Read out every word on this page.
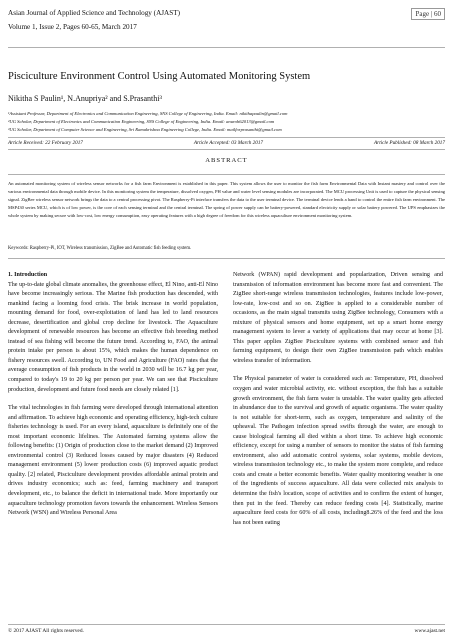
Asian Journal of Applied Science and Technology (AJAST)
Volume 1, Issue 2, Pages 60-65, March 2017
Page | 60
Pisciculture Environment Control Using Automated Monitoring System
Nikitha S Paulin¹, N.Anupriya² and S.Prasanthi³
¹Assistant Professor, Department of Electronics and Communication Engineering, SNS College of Engineering, India. Email: nikithapaulin@gmail.com
²UG Scholar, Department of Electronics and Communication Engineering, SNS College of Engineering, India. Email: anuroh62013@gmail.com
³UG Scholar, Department of Computer Science and Engineering, Sri Ramakrishna Engineering College, India. Email: mailforprasanthi@gmail.com
Article Received: 22 February 2017	Article Accepted: 03 March 2017	Article Published: 08 March 2017
ABSTRACT
An automated monitoring system of wireless sensor networks for a fish farm Environment is established in this paper. This system allows the user to monitor the fish farm Environmental Data with Instant mastery and control over the various environmental data through mobile device. In this monitoring system the temperature, dissolved oxygen, PH value and water level sensing modules are incorporated. The MCU processing Unit is used to capture the physical sensing signal. ZigBee wireless sensor network brings the data to a central processing pivot. The Raspberry-Pi interface transfers the data to the user terminal device. The terminal device lends a hand to control the entire fish farm environment. The MSP430 series MCU, which is of low power, is the core of each sensing terminal and the central terminal. The spring of power supply can be battery-powered, standard electricity supply or solar battery powered. The UPS emphasizes the whole system by making secure with low-cost, low energy consumption, easy operating features with a high degree of freedom for this wireless aquaculture environment monitoring system.
Keywords: Raspberry-Pi, IOT, Wireless transmission, ZigBee and Automatic fish feeding system.
1. Introduction

The up-to-date global climate anomalies, the greenhouse effect, El Nino, anti-El Nino have become increasingly serious. The Marine fish production has descended, with mankind facing a looming food crisis. The brisk increase in world population, mounting demand for food, over-exploitation of land has led to land resources decrease, desertification and global crop decline for livestock. The Aquaculture development of renewable resources has become an effective fish breeding method instead of sea fishing will become the future trend. According to, FAO, the animal protein intake per person is about 15%, which makes the human dependence on fishery resources swell. According to, UN Food and Agriculture (FAO) rates that the average consumption of fish products in the world in 2030 will be 16.7 kg per year, compared to today's 19 to 20 kg per person per year. We can see that Pisciculture production, development and future food needs are closely related [1].

The vital technologies in fish farming were developed through international attention and affirmation. To achieve high economic and operating efficiency, high-tech culture fisheries technology is used. For an every island, aquaculture is definitely one of the most important economic lifelines. The Automated farming systems allow the following benefits: (1) Origin of production close to the market demand (2) Improved environmental control (3) Reduced losses caused by major disasters (4) Reduced management environment (5) lower production costs (6) improved aquatic product quality. [2] related, Pisciculture development provides affordable animal protein and drives industry economics; such as: feed, farming machinery and transport development, etc., to balance the deficit in international trade. More importantly our aquaculture technology promotion favors towards the enhancement. Wireless Sensors Network (WSN) and Wireless Personal Area

Network (WPAN) rapid development and popularization, Driven sensing and transmission of information environment has become more fast and convenient. The ZigBee short-range wireless transmission technologies, features include low-power, low-rate, low-cost and so on. ZigBee is applied to a considerable number of occasions, as the main signal transmits using ZigBee technology, Consumers with a mixture of physical sensors and home equipment, set up a smart home energy management system to lever a variety of applications that may occur at home [3]. This paper applies ZigBee Pisciculture systems with combined sensor and fish farming equipment, to design their own ZigBee transmission path which enables wireless transfer of information.

The Physical parameter of water is considered such as: Temperature, PH, dissolved oxygen and water microbial activity, etc. without exception, the fish has a suitable growth environment, the fish farm water is unstable. The water quality gets affected in abundance due to the survival and growth of aquatic organisms. The water quality is not suitable for short-term, such as oxygen, temperature and salinity of the upheaval. The Pathogen infection spread swifts through the water, are enough to cause biological farming all died within a short time. To achieve high economic efficiency, except for using a number of sensors to monitor the status of fish farming environment, also add automatic control systems, solar systems, mobile devices, wireless transmission technology etc., to make the system more complete, and reduce costs and create a better economic benefits. Water quality monitoring weather is one of the ingredients of success aquaculture. All data were collected mix analysis to determine the fish's location, scope of activities and to confirm the extent of hunger, then put in the feed. Thereby can reduce feeding costs [4]. Statistically, marine aquaculture feed costs for 60% of all costs, including8.26% of the feed and the loss has not been eating

© 2017 AJAST All rights reserved.	www.ajast.net
